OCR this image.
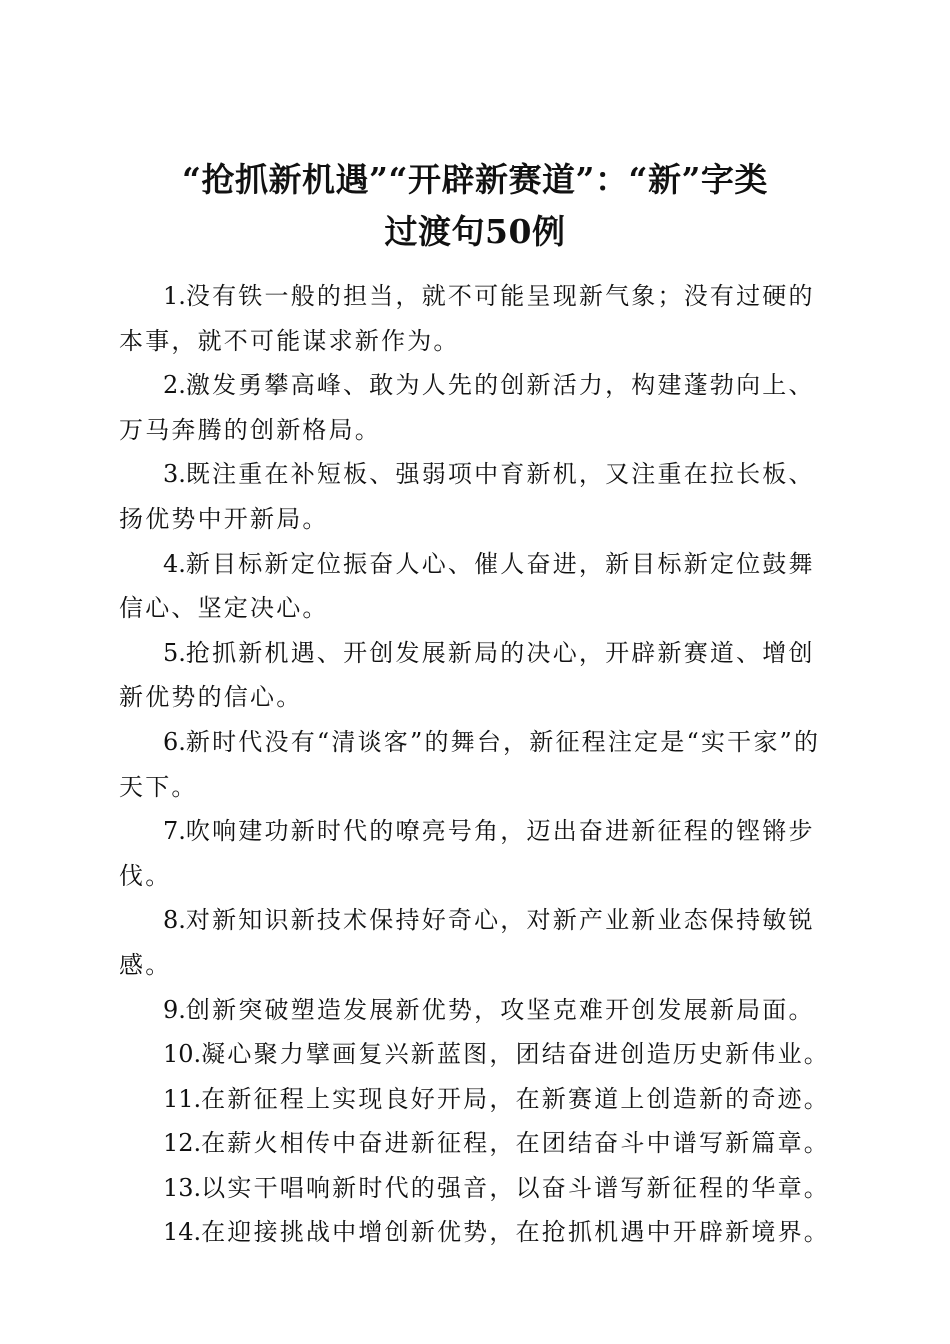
“抢抓新机遇”“开辟新赛道”：“新”字类
过渡句50例

1.没有铁一般的担当，就不可能呈现新气象；没有过硬的本事，就不可能谋求新作为。

2.激发勇攀高峰、敢为人先的创新活力，构建蓬勃向上、万马奔腾的创新格局。

3.既注重在补短板、强弱项中育新机，又注重在拉长板、扬优势中开新局。

4.新目标新定位振奋人心、催人奋进，新目标新定位鼓舞信心、坚定决心。

5.抢抓新机遇、开创发展新局的决心，开辟新赛道、增创新优势的信心。

6.新时代没有“清谈客”的舞台，新征程注定是“实干家”的天下。

7.吹响建功新时代的嘹亮号角，迈出奋进新征程的铿锵步伐。

8.对新知识新技术保持好奇心，对新产业新业态保持敏锐感。

9.创新突破塑造发展新优势，攻坚克难开创发展新局面。

10.凝心聚力擘画复兴新蓝图，团结奋进创造历史新伟业。

11.在新征程上实现良好开局，在新赛道上创造新的奇迹。

12.在薪火相传中奋进新征程，在团结奋斗中谱写新篇章。

13.以实干唱响新时代的强音，以奋斗谱写新征程的华章。

14.在迎接挑战中增创新优势，在抢抓机遇中开辟新境界。
